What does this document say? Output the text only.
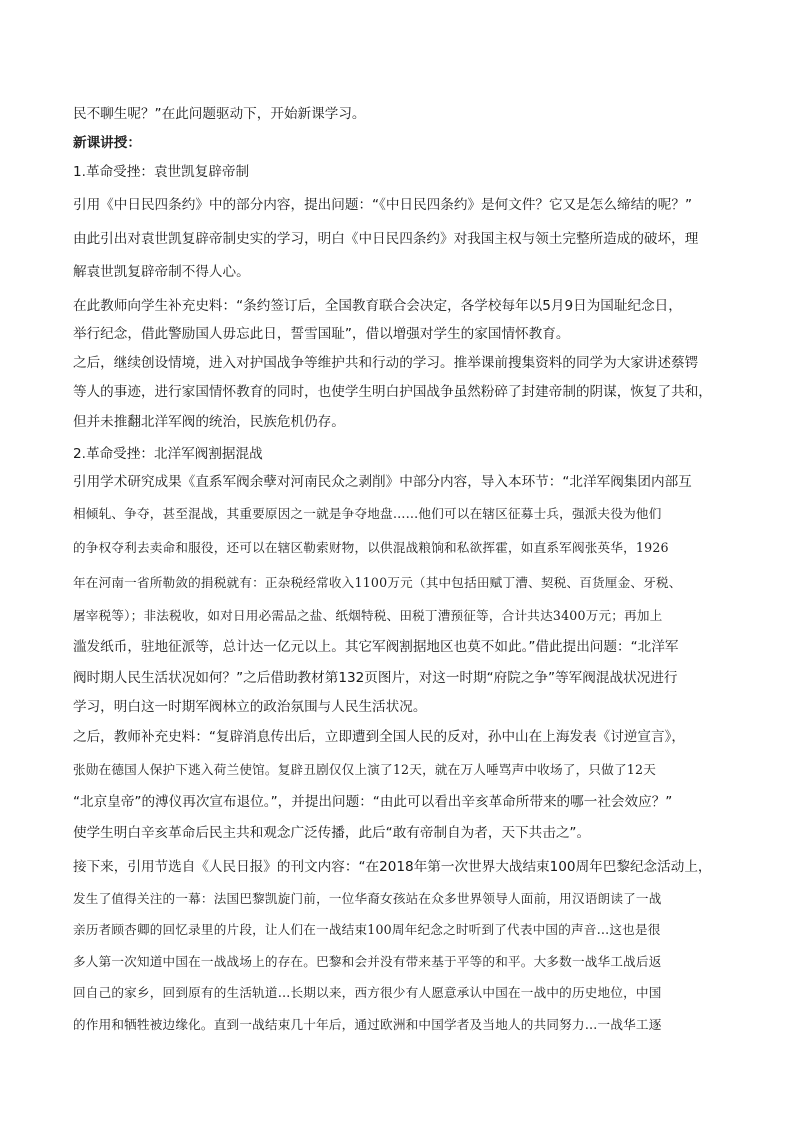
民不聊生呢？”在此问题驱动下，开始新课学习。
新课讲授：
1.革命受挫：袁世凯复辟帝制
引用《中日民四条约》中的部分内容，提出问题：“《中日民四条约》是何文件？它又是怎么缔结的呢？”
由此引出对袁世凯复辟帝制史实的学习，明白《中日民四条约》对我国主权与领土完整所造成的破坏，理
解袁世凯复辟帝制不得人心。
在此教师向学生补充史料：“条约签订后，全国教育联合会决定，各学校每年以5月9日为国耻纪念日，
举行纪念，借此警励国人毋忘此日，誓雪国耻”，借以增强对学生的家国情怀教育。
之后，继续创设情境，进入对护国战争等维护共和行动的学习。推举课前搜集资料的同学为大家讲述蔡锷
等人的事迹，进行家国情怀教育的同时，也使学生明白护国战争虽然粉碎了封建帝制的阴谋，恢复了共和，
但并未推翻北洋军阀的统治，民族危机仍存。
2.革命受挫：北洋军阀割据混战
引用学术研究成果《直系军阀余孽对河南民众之剥削》中部分内容，导入本环节：“北洋军阀集团内部互
相倾轧、争夺，甚至混战，其重要原因之一就是争夺地盘……他们可以在辖区征募士兵，强派夫役为他们
的争权夺利去卖命和服役，还可以在辖区勒索财物，以供混战粮饷和私欲挥霍，如直系军阀张英华，1926
年在河南一省所勒敛的捐税就有：正杂税经常收入1100万元（其中包括田赋丁漕、契税、百货厘金、牙税、
屠宰税等）；非法税收，如对日用必需品之盐、纸烟特税、田税丁漕预征等，合计共达3400万元；再加上
滥发纸币，驻地征派等，总计达一亿元以上。其它军阀割据地区也莫不如此。”借此提出问题：“北洋军
阀时期人民生活状况如何？”之后借助教材第132页图片，对这一时期“府院之争”等军阀混战状况进行
学习，明白这一时期军阀林立的政治氛围与人民生活状况。
之后，教师补充史料：“复辟消息传出后，立即遭到全国人民的反对，孙中山在上海发表《讨逆宣言》，
张勋在德国人保护下逃入荷兰使馆。复辟丑剧仅仅上演了12天，就在万人唾骂声中收场了，只做了12天
“北京皇帝”的溥仪再次宣布退位。”，并提出问题：“由此可以看出辛亥革命所带来的哪一社会效应？”
使学生明白辛亥革命后民主共和观念广泛传播，此后“敢有帝制自为者，天下共击之”。
接下来，引用节选自《人民日报》的刊文内容：“在2018年第一次世界大战结束100周年巴黎纪念活动上，
发生了值得关注的一幕：法国巴黎凯旋门前，一位华裔女孩站在众多世界领导人面前，用汉语朗读了一战
亲历者顾杏卿的回忆录里的片段，让人们在一战结束100周年纪念之时听到了代表中国的声音…这也是很
多人第一次知道中国在一战战场上的存在。巴黎和会并没有带来基于平等的和平。大多数一战华工战后返
回自己的家乡，回到原有的生活轨道…长期以来，西方很少有人愿意承认中国在一战中的历史地位，中国
的作用和牺牲被边缘化。直到一战结束几十年后，通过欧洲和中国学者及当地人的共同努力…一战华工逐
